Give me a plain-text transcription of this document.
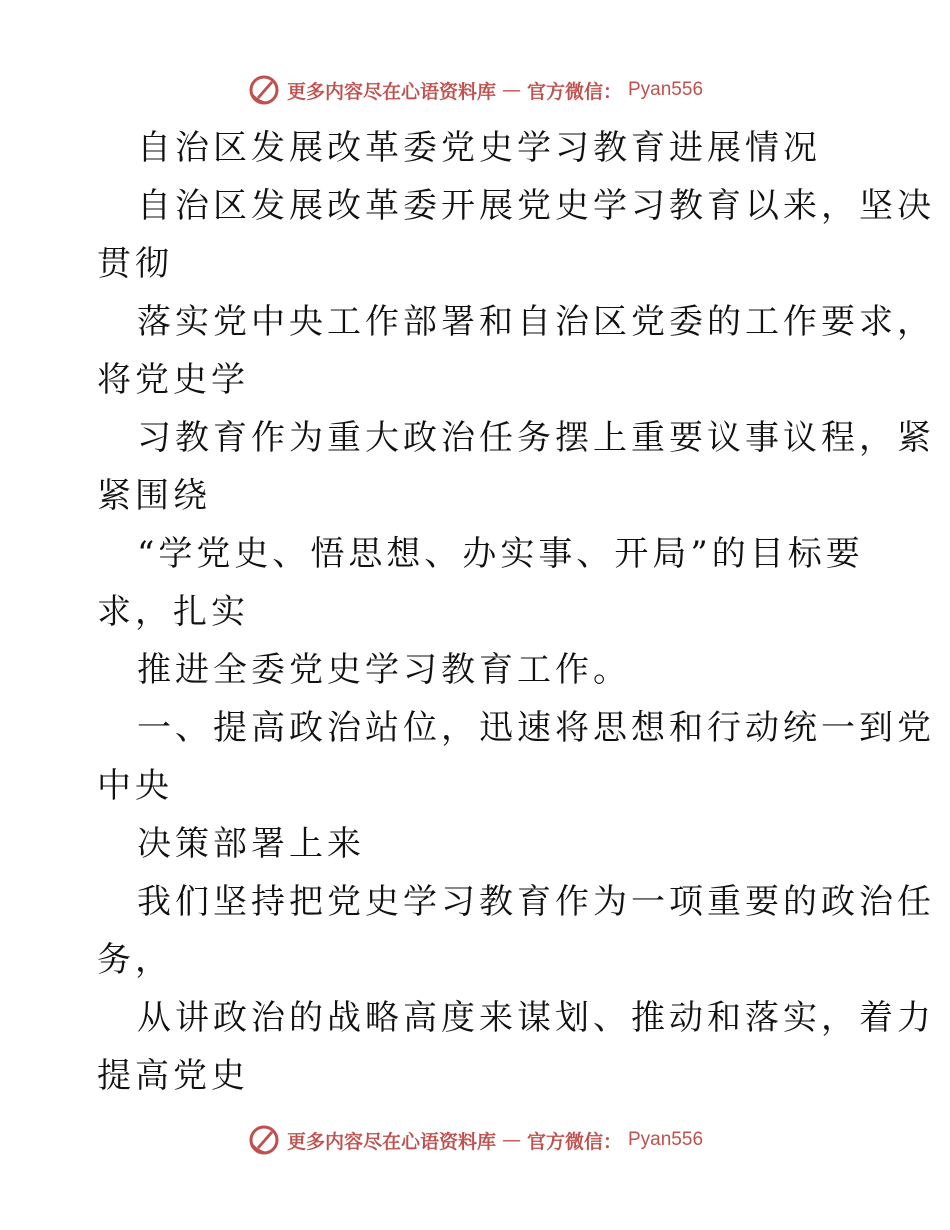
更多内容尽在心语资料库 — 官方微信： Pyan556
自治区发展改革委党史学习教育进展情况
自治区发展改革委开展党史学习教育以来，坚决
贯彻
落实党中央工作部署和自治区党委的工作要求，
将党史学
习教育作为重大政治任务摆上重要议事议程，紧
紧围绕
“学党史、悟思想、办实事、开局”的目标要
求，扎实
推进全委党史学习教育工作。
一、提高政治站位，迅速将思想和行动统一到党
中央
决策部署上来
我们坚持把党史学习教育作为一项重要的政治任
务，
从讲政治的战略高度来谋划、推动和落实，着力
提高党史
更多内容尽在心语资料库 — 官方微信： Pyan556
